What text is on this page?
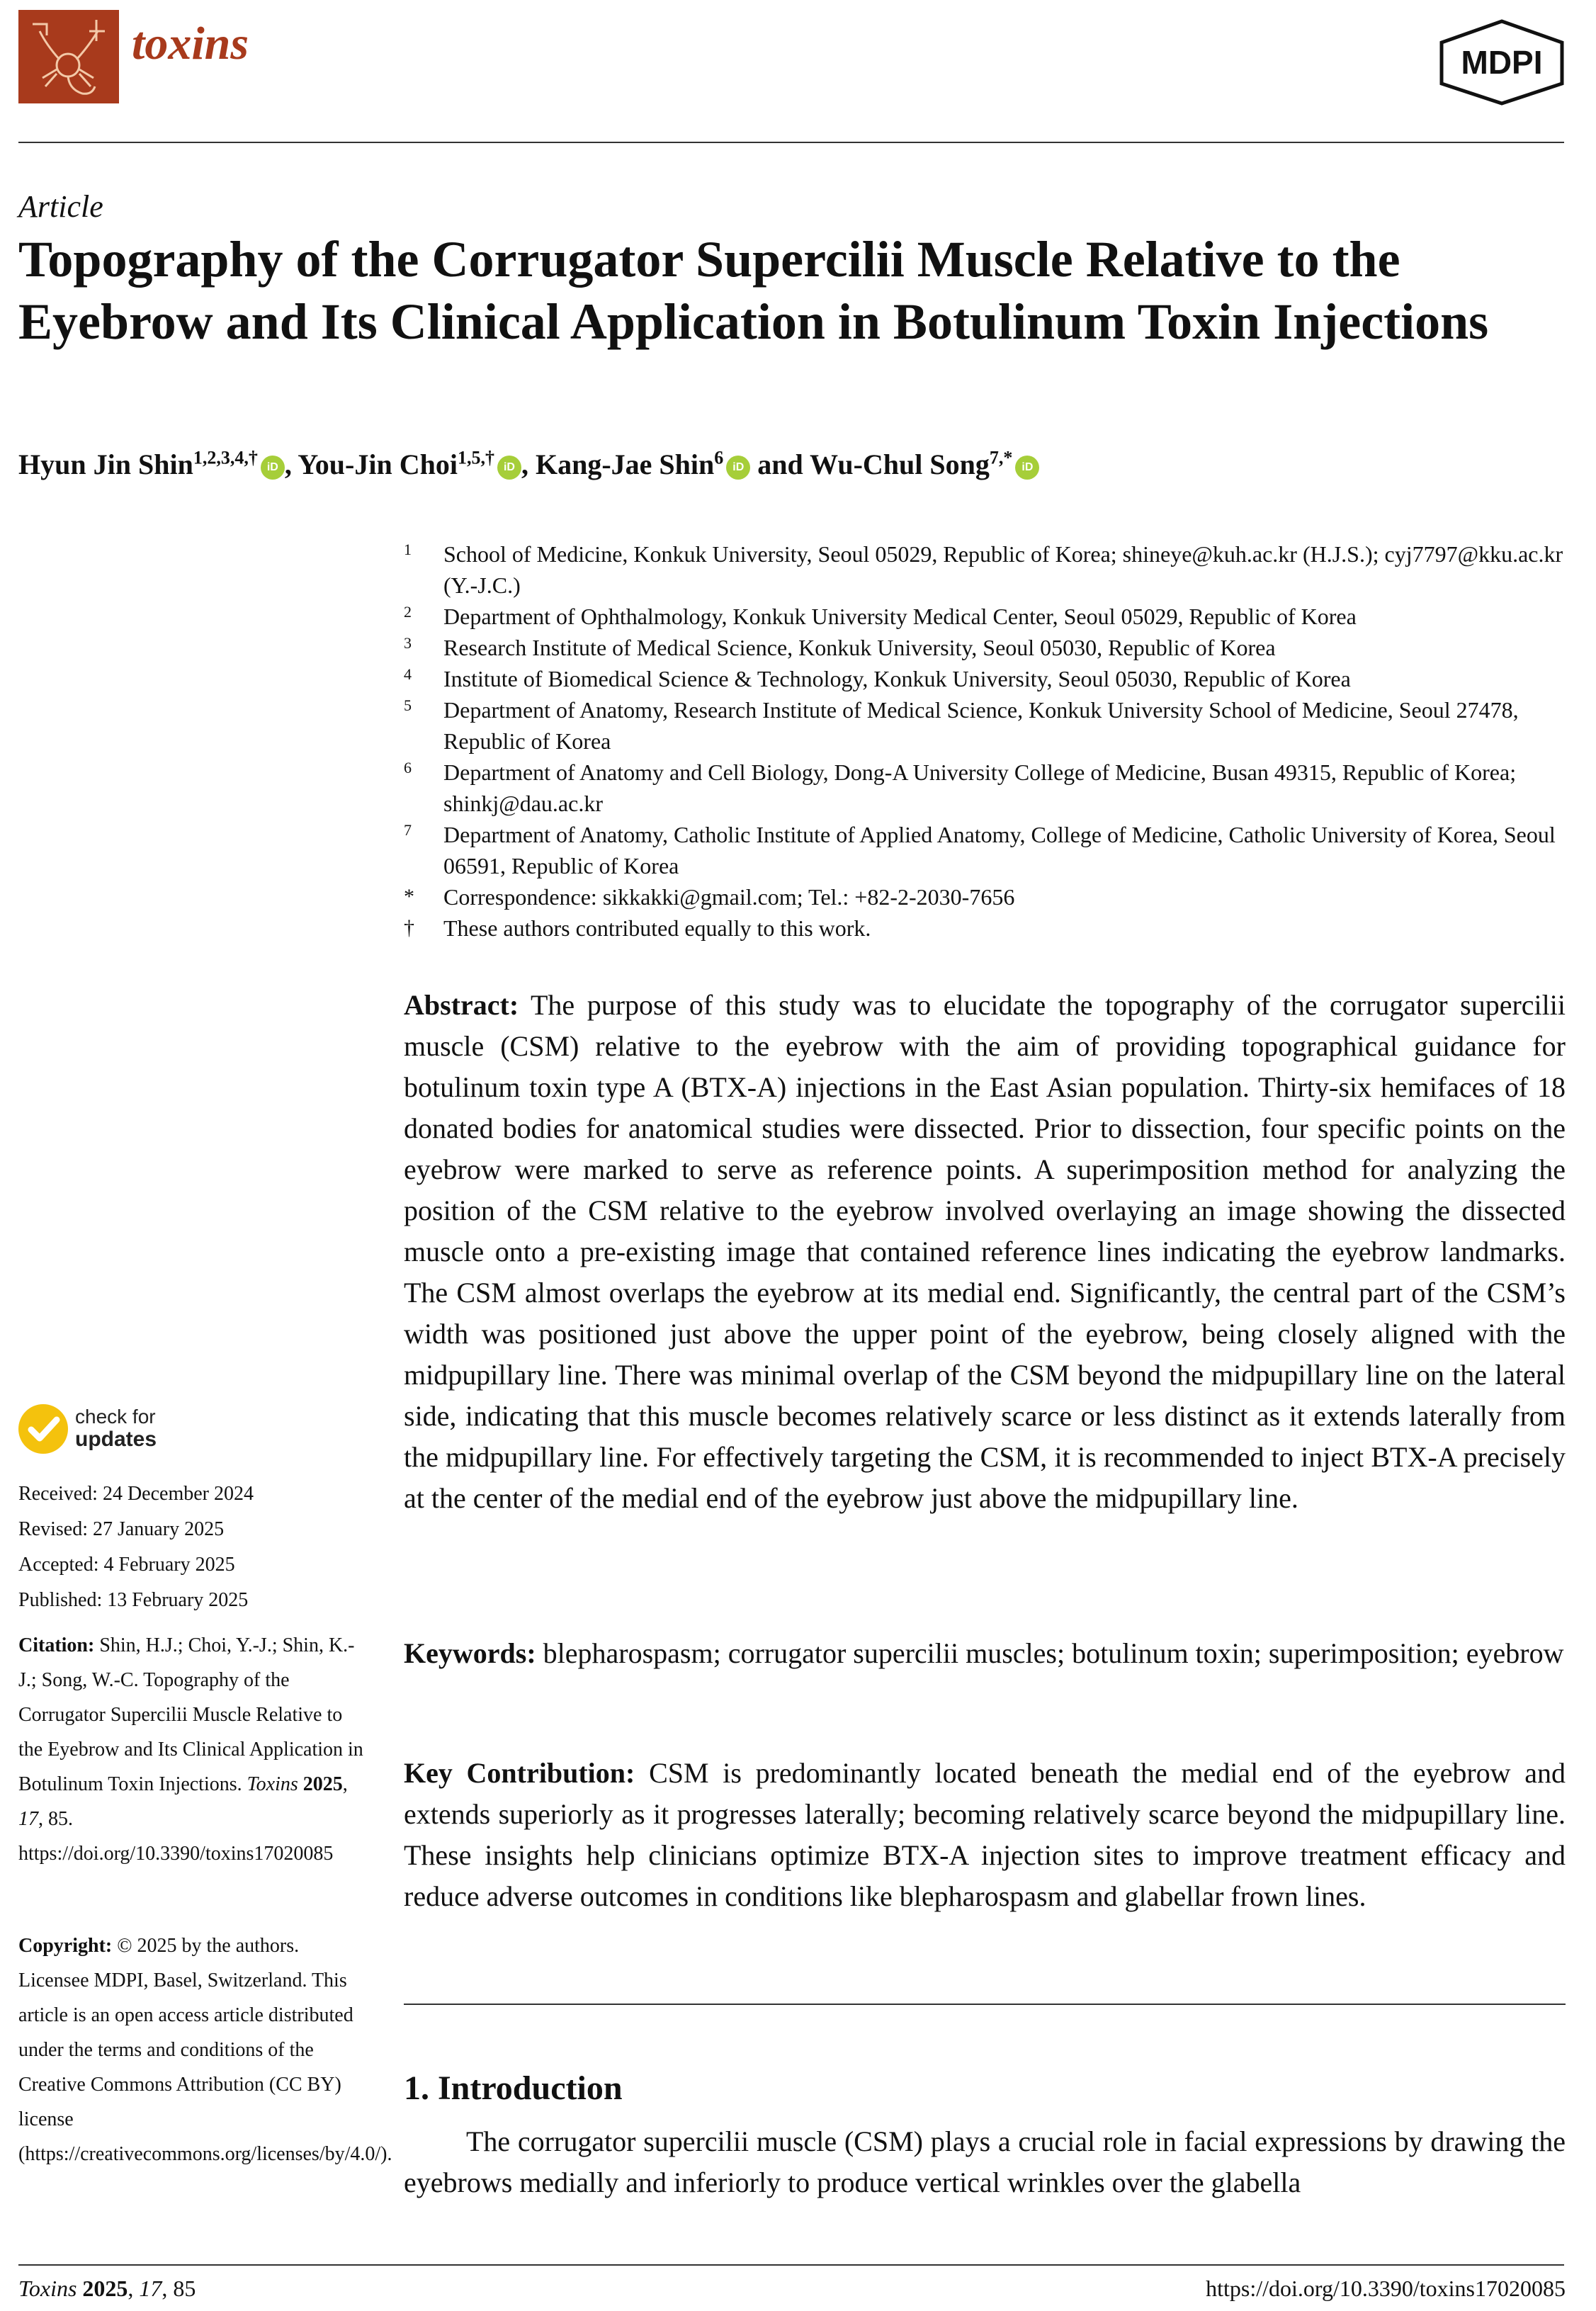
toxins	MDPI
Article
Topography of the Corrugator Supercilii Muscle Relative to the Eyebrow and Its Clinical Application in Botulinum Toxin Injections
Hyun Jin Shin$^{1,2,3,4,\dagger}$ iD , You-Jin Choi$^{1,5,\dagger}$ iD , Kang-Jae Shin$^6$ iD and Wu-Chul Song$^{7,*}$ iD
1 School of Medicine, Konkuk University, Seoul 05029, Republic of Korea; shineye@kuh.ac.kr (H.J.S.); cyj7797@kku.ac.kr (Y.-J.C.)
2 Department of Ophthalmology, Konkuk University Medical Center, Seoul 05029, Republic of Korea
3 Research Institute of Medical Science, Konkuk University, Seoul 05030, Republic of Korea
4 Institute of Biomedical Science & Technology, Konkuk University, Seoul 05030, Republic of Korea
5 Department of Anatomy, Research Institute of Medical Science, Konkuk University School of Medicine, Seoul 27478, Republic of Korea
6 Department of Anatomy and Cell Biology, Dong-A University College of Medicine, Busan 49315, Republic of Korea; shinkj@dau.ac.kr
7 Department of Anatomy, Catholic Institute of Applied Anatomy, College of Medicine, Catholic University of Korea, Seoul 06591, Republic of Korea
* Correspondence: sikkakki@gmail.com; Tel.: +82-2-2030-7656
† These authors contributed equally to this work.
Abstract: The purpose of this study was to elucidate the topography of the corrugator supercilii muscle (CSM) relative to the eyebrow with the aim of providing topographical guidance for botulinum toxin type A (BTX-A) injections in the East Asian population. Thirty-six hemifaces of 18 donated bodies for anatomical studies were dissected. Prior to dissection, four specific points on the eyebrow were marked to serve as reference points. A superimposition method for analyzing the position of the CSM relative to the eyebrow involved overlaying an image showing the dissected muscle onto a pre-existing image that contained reference lines indicating the eyebrow landmarks. The CSM almost overlaps the eyebrow at its medial end. Significantly, the central part of the CSM’s width was positioned just above the upper point of the eyebrow, being closely aligned with the midpupillary line. There was minimal overlap of the CSM beyond the midpupillary line on the lateral side, indicating that this muscle becomes relatively scarce or less distinct as it extends laterally from the midpupillary line. For effectively targeting the CSM, it is recommended to inject BTX-A precisely at the center of the medial end of the eyebrow just above the midpupillary line.
Keywords: blepharospasm; corrugator supercilii muscles; botulinum toxin; superimposition; eyebrow
Key Contribution: CSM is predominantly located beneath the medial end of the eyebrow and extends superiorly as it progresses laterally; becoming relatively scarce beyond the midpupillary line. These insights help clinicians optimize BTX-A injection sites to improve treatment efficacy and reduce adverse outcomes in conditions like blepharospasm and glabellar frown lines.
1. Introduction
The corrugator supercilii muscle (CSM) plays a crucial role in facial expressions by drawing the eyebrows medially and inferiorly to produce vertical wrinkles over the glabella
check for
updates
Received: 24 December 2024
Revised: 27 January 2025
Accepted: 4 February 2025
Published: 13 February 2025
Citation: Shin, H.J.; Choi, Y.-J.; Shin, K.-J.; Song, W.-C. Topography of the Corrugator Supercilii Muscle Relative to the Eyebrow and Its Clinical Application in Botulinum Toxin Injections. Toxins 2025, 17, 85. https://doi.org/10.3390/toxins17020085
Copyright: © 2025 by the authors. Licensee MDPI, Basel, Switzerland. This article is an open access article distributed under the terms and conditions of the Creative Commons Attribution (CC BY) license (https://creativecommons.org/licenses/by/4.0/).
Toxins 2025, 17, 85	https://doi.org/10.3390/toxins17020085
